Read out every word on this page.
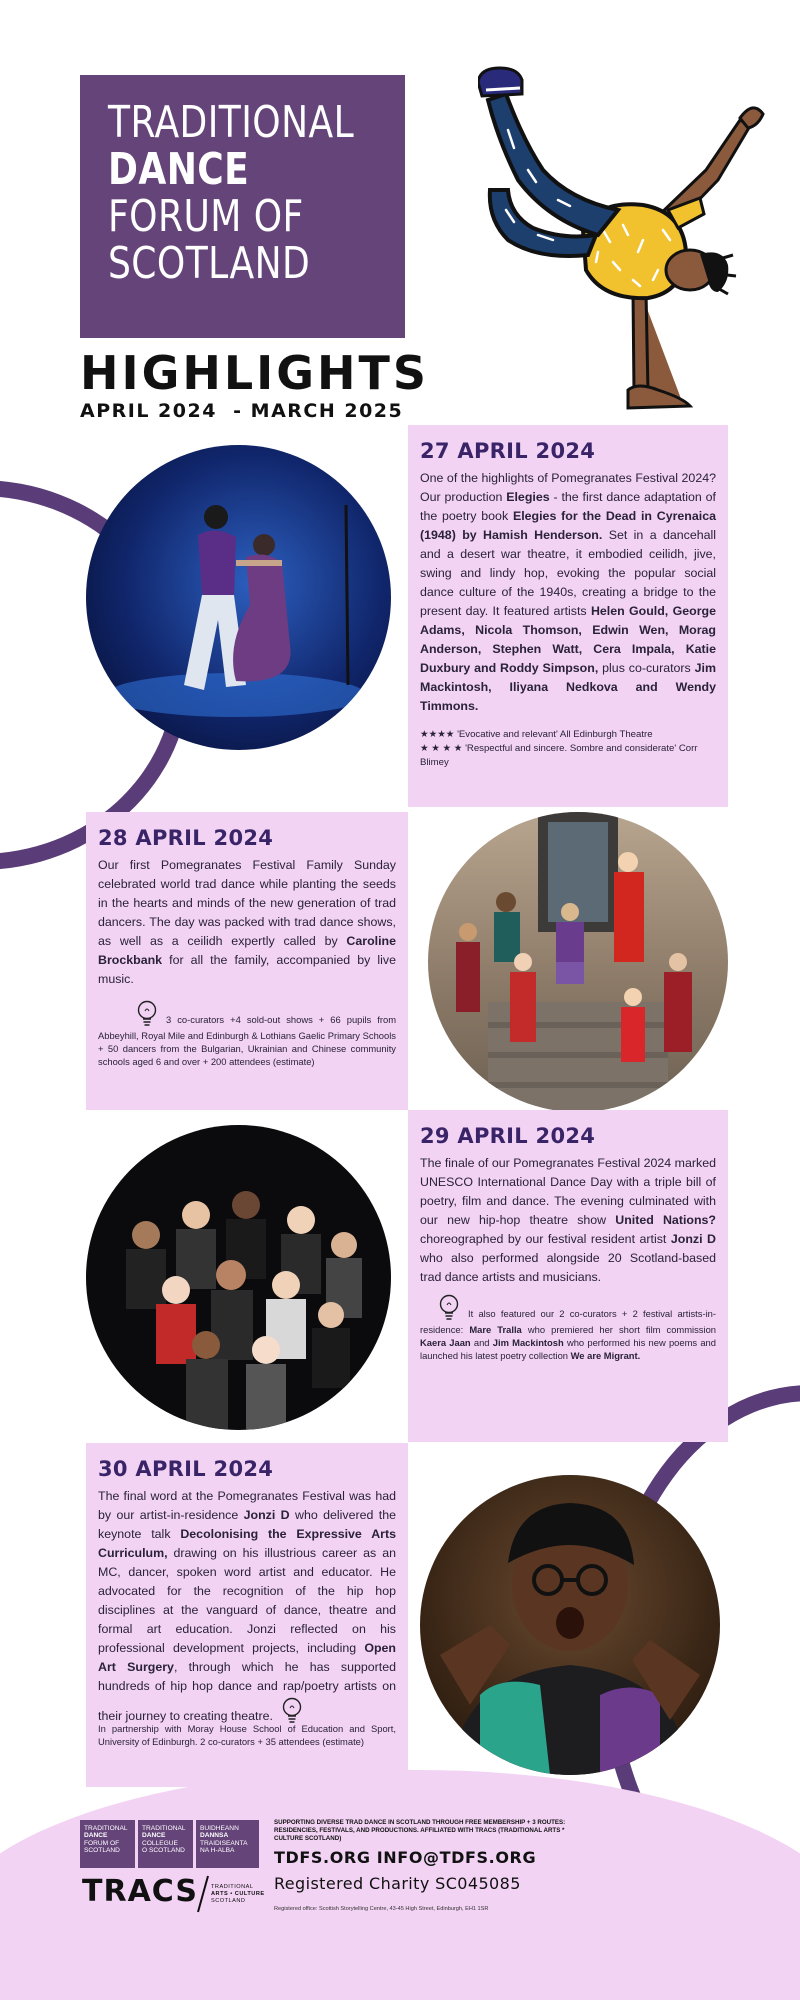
TRADITIONAL
DANCE
FORUM OF
SCOTLAND
HIGHLIGHTS
APRIL 2024  - MARCH 2025
27 APRIL 2024
One of the highlights of Pomegranates Festival 2024? Our production Elegies - the first dance adaptation of the poetry book Elegies for the Dead in Cyrenaica (1948) by Hamish Henderson. Set in a dancehall and a desert war theatre, it embodied ceilidh, jive, swing and lindy hop, evoking the popular social dance culture of the 1940s, creating a bridge to the present day. It featured artists Helen Gould, George Adams, Nicola Thomson, Edwin Wen, Morag Anderson, Stephen Watt, Cera Impala, Katie Duxbury and Roddy Simpson, plus co-curators Jim Mackintosh, Iliyana Nedkova and Wendy Timmons.
★★★★ 'Evocative and relevant' All Edinburgh Theatre
★ ★ ★ ★ 'Respectful and sincere. Sombre and considerate' Corr Blimey
28 APRIL 2024
Our first Pomegranates Festival Family Sunday celebrated world trad dance while planting the seeds in the hearts and minds of the new generation of trad dancers. The day was packed with trad dance shows, as well as a ceilidh expertly called by Caroline Brockbank for all the family, accompanied by live music.
3 co-curators +4 sold-out shows + 66 pupils from Abbeyhill, Royal Mile and Edinburgh & Lothians Gaelic Primary Schools + 50 dancers from the Bulgarian, Ukrainian and Chinese community schools aged 6 and over + 200 attendees (estimate)
29 APRIL 2024
The finale of our Pomegranates Festival 2024 marked UNESCO International Dance Day with a triple bill of poetry, film and dance. The evening culminated with our new hip-hop theatre show United Nations? choreographed by our festival resident artist Jonzi D who also performed alongside 20 Scotland-based trad dance artists and musicians.
It also featured our 2 co-curators + 2 festival artists-in-residence: Mare Tralla who premiered her short film commission Kaera Jaan and Jim Mackintosh who performed his new poems and launched his latest poetry collection We are Migrant.
30 APRIL 2024
The final word at the Pomegranates Festival was had by our artist-in-residence Jonzi D who delivered the keynote talk Decolonising the Expressive Arts Curriculum, drawing on his illustrious career as an MC, dancer, spoken word artist and educator. He advocated for the recognition of the hip hop disciplines at the vanguard of dance, theatre and formal art education. Jonzi reflected on his professional development projects, including Open Art Surgery, through which he has supported hundreds of hip hop dance and rap/poetry artists on their journey to creating theatre.
In partnership with Moray House School of Education and Sport, University of Edinburgh. 2 co-curators + 35 attendees (estimate)
TRADITIONAL
DANCE
FORUM OF
SCOTLAND
TRADITIONAL
DANCE
COLLEGUE
O SCOTLAND
BUIDHEANN
DANNSA
TRAIDISEANTA
NA H-ALBA
TRACS TRADITIONAL
ARTS • CULTURE
SCOTLAND
SUPPORTING DIVERSE TRAD DANCE IN SCOTLAND THROUGH FREE MEMBERSHIP + 3 ROUTES: RESIDENCIES, FESTIVALS, AND PRODUCTIONS. AFFILIATED WITH TRACS (TRADITIONAL ARTS * CULTURE SCOTLAND)
TDFS.ORG INFO@TDFS.ORG
Registered Charity SC045085
Registered office: Scottish Storytelling Centre, 43-45 High Street, Edinburgh, EH1 1SR
